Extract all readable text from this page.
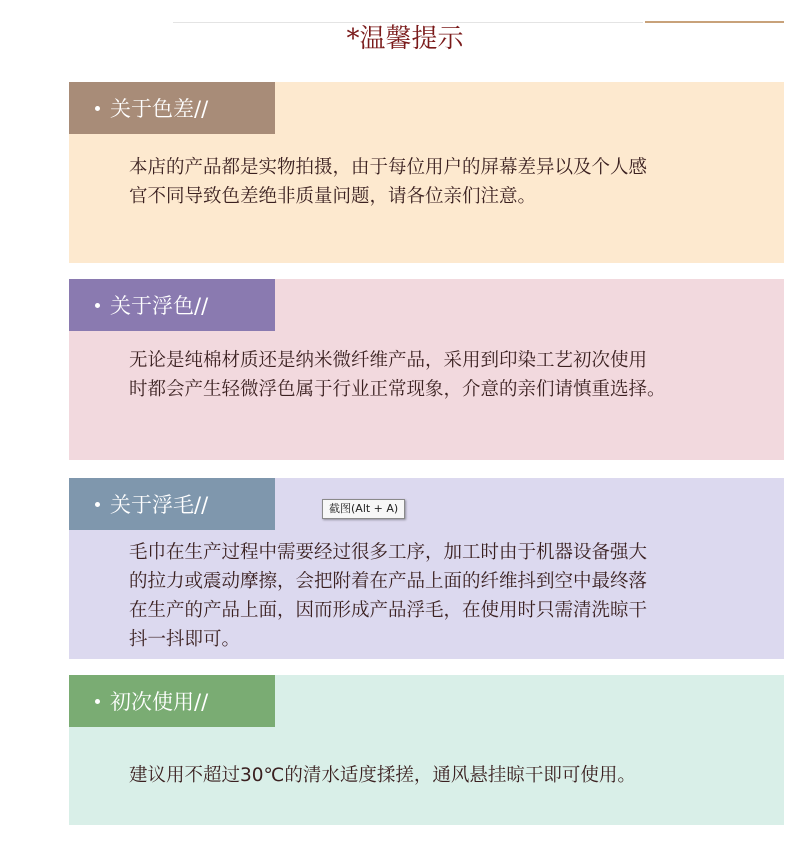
*温馨提示
关于色差//
本店的产品都是实物拍摄，由于每位用户的屏幕差异以及个人感
官不同导致色差绝非质量问题，请各位亲们注意。
关于浮色//
无论是纯棉材质还是纳米微纤维产品，采用到印染工艺初次使用
时都会产生轻微浮色属于行业正常现象，介意的亲们请慎重选择。
关于浮毛//
毛巾在生产过程中需要经过很多工序，加工时由于机器设备强大
的拉力或震动摩擦，会把附着在产品上面的纤维抖到空中最终落
在生产的产品上面，因而形成产品浮毛，在使用时只需清洗晾干
抖一抖即可。
初次使用//
建议用不超过30℃的清水适度揉搓，通风悬挂晾干即可使用。
截图(Alt + A)
